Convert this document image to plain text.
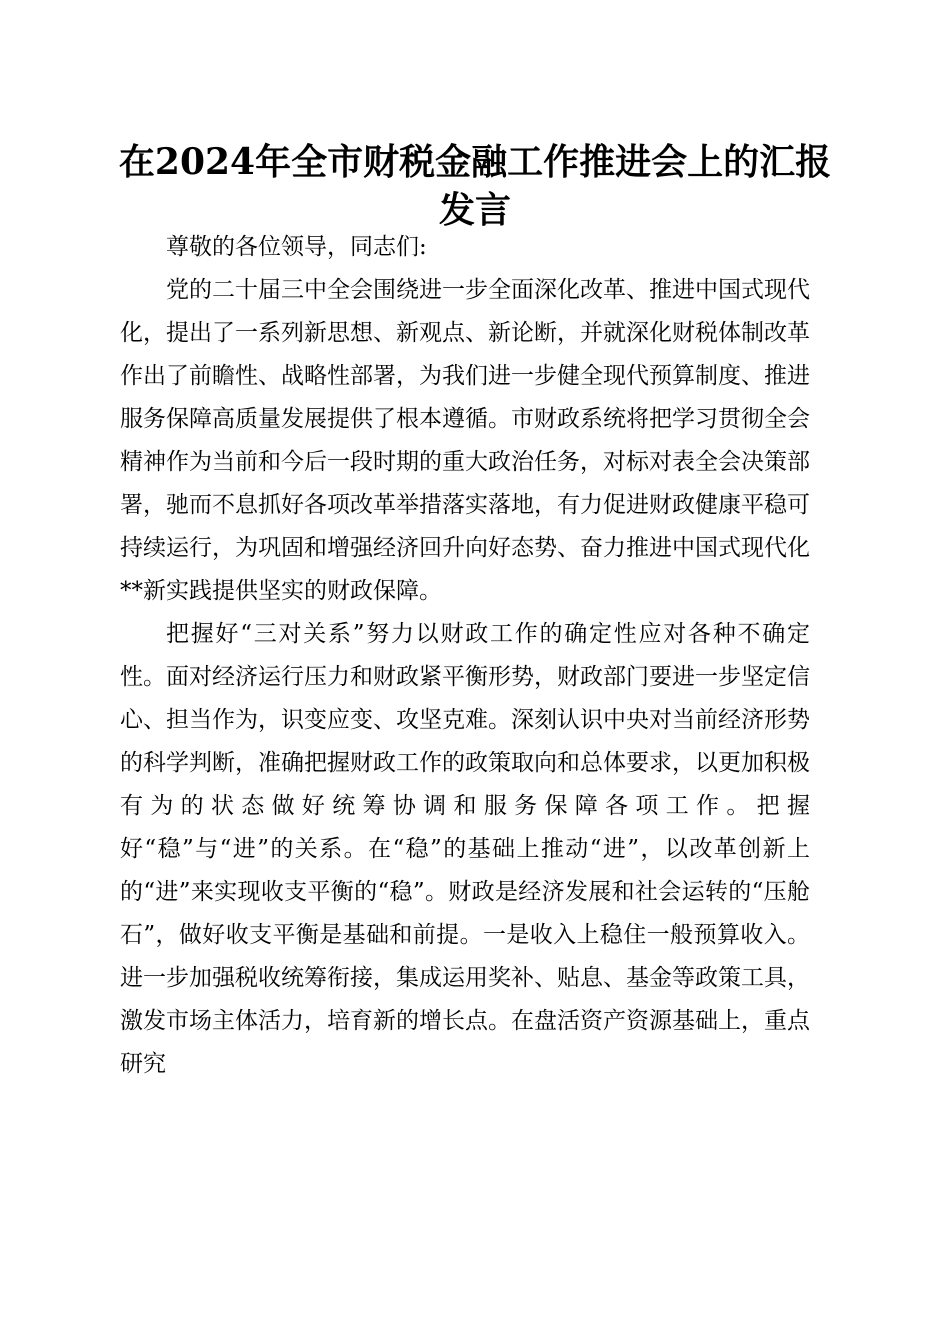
在2024年全市财税金融工作推进会上的汇报
发言

尊敬的各位领导，同志们:

党的二十届三中全会围绕进一步全面深化改革、推进中国式现代化，提出了一系列新思想、新观点、新论断，并就深化财税体制改革作出了前瞻性、战略性部署，为我们进一步健全现代预算制度、推进服务保障高质量发展提供了根本遵循。市财政系统将把学习贯彻全会精神作为当前和今后一段时期的重大政治任务，对标对表全会决策部署，驰而不息抓好各项改革举措落实落地，有力促进财政健康平稳可持续运行，为巩固和增强经济回升向好态势、奋力推进中国式现代化**新实践提供坚实的财政保障。

把握好“三对关系”努力以财政工作的确定性应对各种不确定性。面对经济运行压力和财政紧平衡形势，财政部门要进一步坚定信心、担当作为，识变应变、攻坚克难。深刻认识中央对当前经济形势的科学判断，准确把握财政工作的政策取向和总体要求，以更加积极有为的状态做好统筹协调和服务保障各项工作。把握好“稳”与“进”的关系。在“稳”的基础上推动“进”，以改革创新上的“进”来实现收支平衡的“稳”。财政是经济发展和社会运转的“压舱石”，做好收支平衡是基础和前提。一是收入上稳住一般预算收入。进一步加强税收统筹衔接，集成运用奖补、贴息、基金等政策工具，激发市场主体活力，培育新的增长点。在盘活资产资源基础上，重点研究
